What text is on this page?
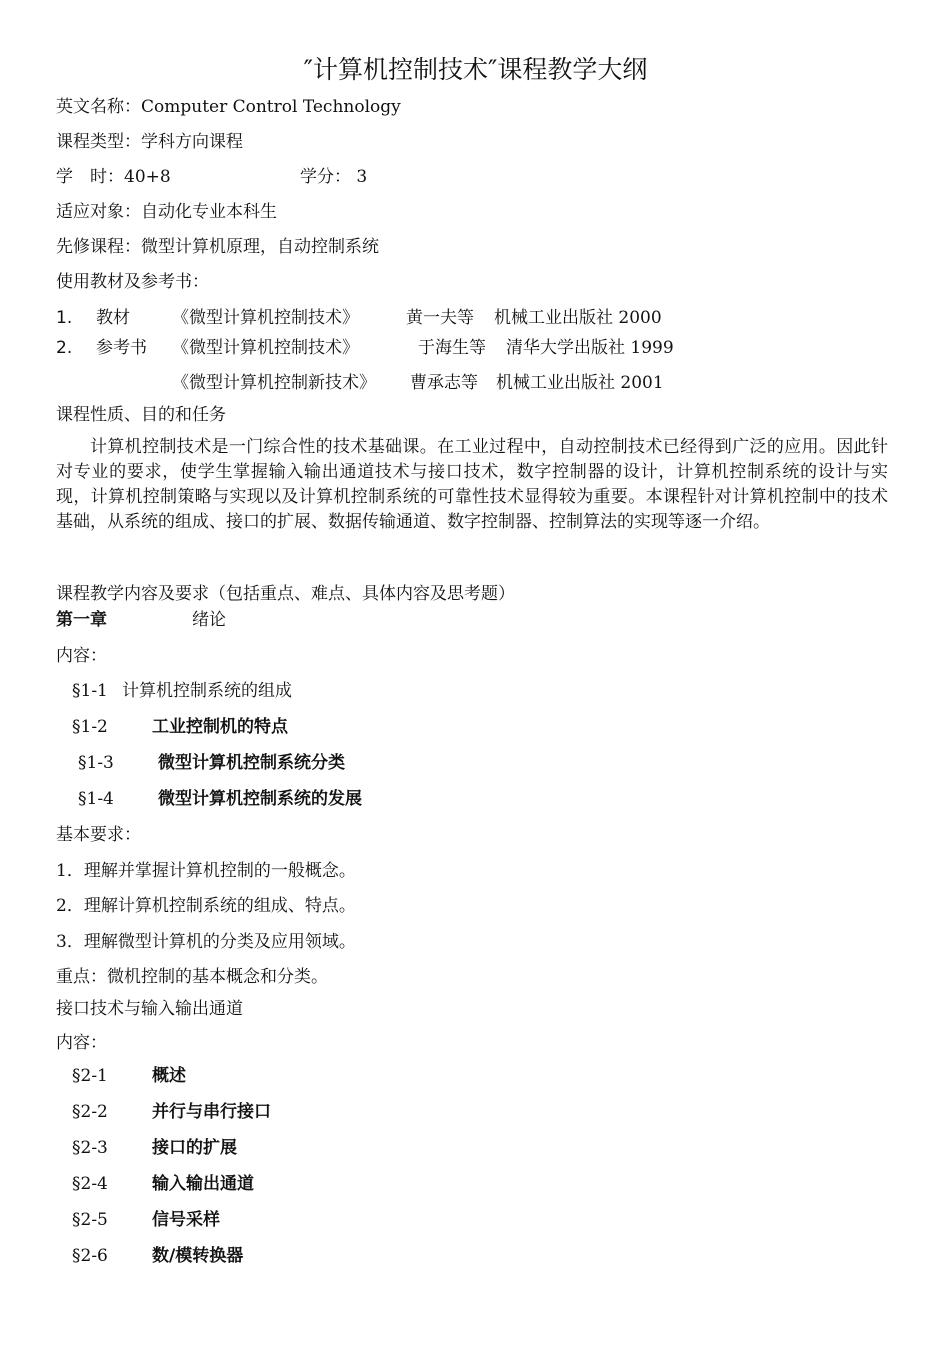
″计算机控制技术″课程教学大纲
英文名称：Computer Control Technology
课程类型：学科方向课程
学　时：40+8	学分： 3
适应对象：自动化专业本科生
先修课程：微型计算机原理，自动控制系统
使用教材及参考书：
1. 教材 《微型计算机控制技术》	黄一夫等 机械工业出版社 2000
2. 参考书 《微型计算机控制技术》	于海生等 清华大学出版社 1999
《微型计算机控制新技术》 曹承志等 机械工业出版社 2001
课程性质、目的和任务
计算机控制技术是一门综合性的技术基础课。在工业过程中，自动控制技术已经得到广泛的应用。因此针对专业的要求，使学生掌握输入输出通道技术与接口技术，数字控制器的设计，计算机控制系统的设计与实现，计算机控制策略与实现以及计算机控制系统的可靠性技术显得较为重要。本课程针对计算机控制中的技术基础，从系统的组成、接口的扩展、数据传输通道、数字控制器、控制算法的实现等逐一介绍。
课程教学内容及要求（包括重点、难点、具体内容及思考题）
第一章	绪论
内容：
§1-1 计算机控制系统的组成
§1-2	工业控制机的特点
§1-3	微型计算机控制系统分类
§1-4	微型计算机控制系统的发展
基本要求：
1．理解并掌握计算机控制的一般概念。
2．理解计算机控制系统的组成、特点。
3．理解微型计算机的分类及应用领域。
重点：微机控制的基本概念和分类。
接口技术与输入输出通道
内容：
§2-1	概述
§2-2	并行与串行接口
§2-3	接口的扩展
§2-4	输入输出通道
§2-5	信号采样
§2-6	数/模转换器
